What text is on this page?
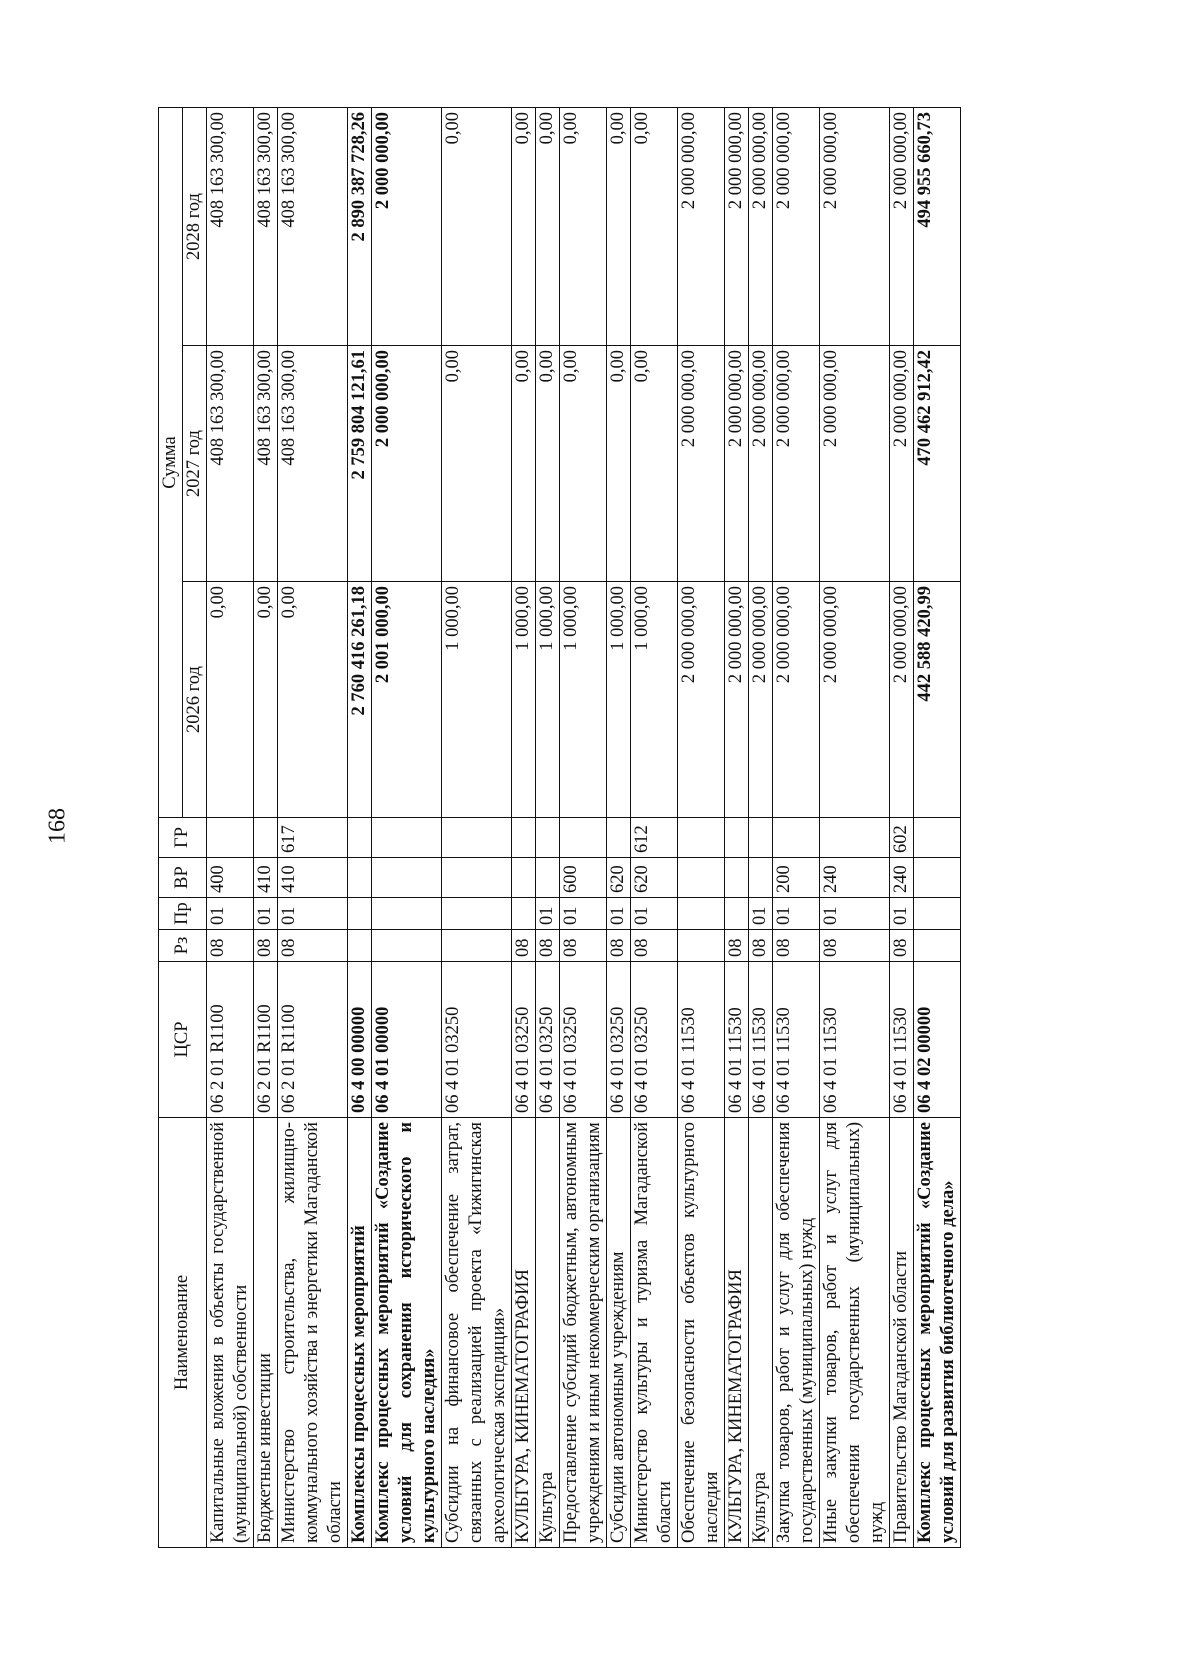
168
Наименование	ЦСР	Рз	Пр	ВР	ГР	Сумма		
						2026 год	2027 год	2028 год
Капитальные вложения в объекты государственной (муниципальной) собственности	06 2 01 R1100	08	01	400		0,00	408 163 300,00	408 163 300,00
Бюджетные инвестиции	06 2 01 R1100	08	01	410		0,00	408 163 300,00	408 163 300,00
Министерство строительства, жилищно-коммунального хозяйства и энергетики Магаданской области	06 2 01 R1100	08	01	410	617	0,00	408 163 300,00	408 163 300,00
Комплексы процессных мероприятий	06 4 00 00000					2 760 416 261,18	2 759 804 121,61	2 890 387 728,26
Комплекс процессных мероприятий «Создание условий для сохранения исторического и культурного наследия»	06 4 01 00000					2 001 000,00	2 000 000,00	2 000 000,00
Субсидии на финансовое обеспечение затрат, связанных с реализацией проекта «Гижигинская археологическая экспедиция»	06 4 01 03250					1 000,00	0,00	0,00
КУЛЬТУРА, КИНЕМАТОГРАФИЯ	06 4 01 03250	08				1 000,00	0,00	0,00
Культура	06 4 01 03250	08	01			1 000,00	0,00	0,00
Предоставление субсидий бюджетным, автономным учреждениям и иным некоммерческим организациям	06 4 01 03250	08	01	600		1 000,00	0,00	0,00
Субсидии автономным учреждениям	06 4 01 03250	08	01	620		1 000,00	0,00	0,00
Министерство культуры и туризма Магаданской области	06 4 01 03250	08	01	620	612	1 000,00	0,00	0,00
Обеспечение безопасности объектов культурного наследия	06 4 01 11530					2 000 000,00	2 000 000,00	2 000 000,00
КУЛЬТУРА, КИНЕМАТОГРАФИЯ	06 4 01 11530	08				2 000 000,00	2 000 000,00	2 000 000,00
Культура	06 4 01 11530	08	01			2 000 000,00	2 000 000,00	2 000 000,00
Закупка товаров, работ и услуг для обеспечения государственных (муниципальных) нужд	06 4 01 11530	08	01	200		2 000 000,00	2 000 000,00	2 000 000,00
Иные закупки товаров, работ и услуг для обеспечения государственных (муниципальных) нужд	06 4 01 11530	08	01	240		2 000 000,00	2 000 000,00	2 000 000,00
Правительство Магаданской области	06 4 01 11530	08	01	240	602	2 000 000,00	2 000 000,00	2 000 000,00
Комплекс процессных мероприятий «Создание условий для развития библиотечного дела»	06 4 02 00000					442 588 420,99	470 462 912,42	494 955 660,73
